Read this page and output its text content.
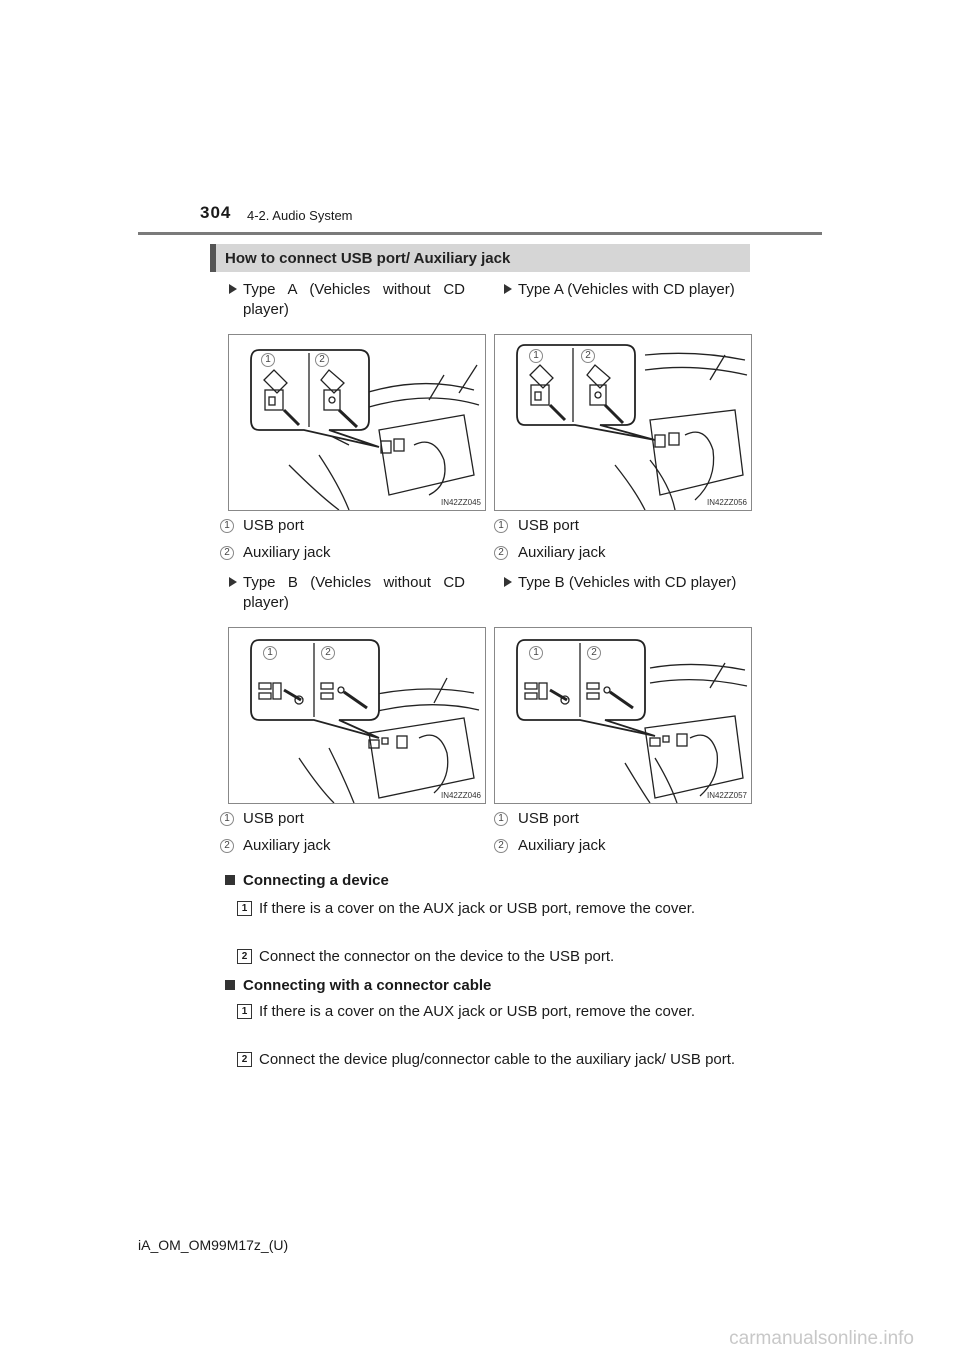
304 4-2. Audio System
How to connect USB port/ Auxiliary jack
Type A (Vehicles without CD player)
Type A (Vehicles with CD player)
Type B (Vehicles without CD player)
Type B (Vehicles with CD player)
1	2
IN42ZZ045
1	2
IN42ZZ056
1	2
IN42ZZ046
1	2
IN42ZZ057
1 USB port
2 Auxiliary jack
1 USB port
2 Auxiliary jack
1 USB port
2 Auxiliary jack
1 USB port
2 Auxiliary jack
Connecting a device
1 If there is a cover on the AUX jack or USB port, remove the cover.
2 Connect the connector on the device to the USB port.
Connecting with a connector cable
1 If there is a cover on the AUX jack or USB port, remove the cover.
2 Connect the device plug/connector cable to the auxiliary jack/ USB port.
iA_OM_OM99M17z_(U)
carmanualsonline.info
